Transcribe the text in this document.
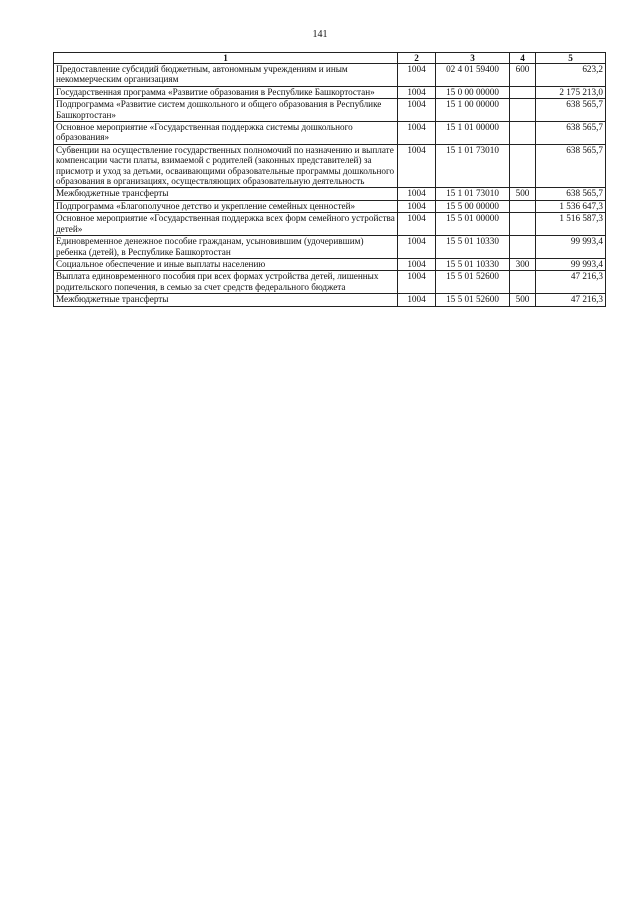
141
1	2	3	4	5
Предоставление субсидий бюджетным, автономным учреждениям и иным некоммерческим организациям	1004	02 4 01 59400	600	623,2
Государственная программа «Развитие образования в Республике Башкортостан»	1004	15 0 00 00000		2 175 213,0
Подпрограмма «Развитие систем дошкольного и общего образования в Республике Башкортостан»	1004	15 1 00 00000		638 565,7
Основное мероприятие «Государственная поддержка системы дошкольного образования»	1004	15 1 01 00000		638 565,7
Субвенции на осуществление государственных полномочий по назначению и выплате компенсации части платы, взимаемой с родителей (законных представителей) за присмотр и уход за детьми, осваивающими образовательные программы дошкольного образования в организациях, осуществляющих образовательную деятельность	1004	15 1 01 73010		638 565,7
Межбюджетные трансферты	1004	15 1 01 73010	500	638 565,7
Подпрограмма «Благополучное детство и укрепление семейных ценностей»	1004	15 5 00 00000		1 536 647,3
Основное мероприятие «Государственная поддержка всех форм семейного устройства детей»	1004	15 5 01 00000		1 516 587,3
Единовременное денежное пособие гражданам, усыновившим (удочерившим) ребенка (детей), в Республике Башкортостан	1004	15 5 01 10330		99 993,4
Социальное обеспечение и иные выплаты населению	1004	15 5 01 10330	300	99 993,4
Выплата единовременного пособия при всех формах устройства детей, лишенных родительского попечения, в семью за счет средств федерального бюджета	1004	15 5 01 52600		47 216,3
Межбюджетные трансферты	1004	15 5 01 52600	500	47 216,3
